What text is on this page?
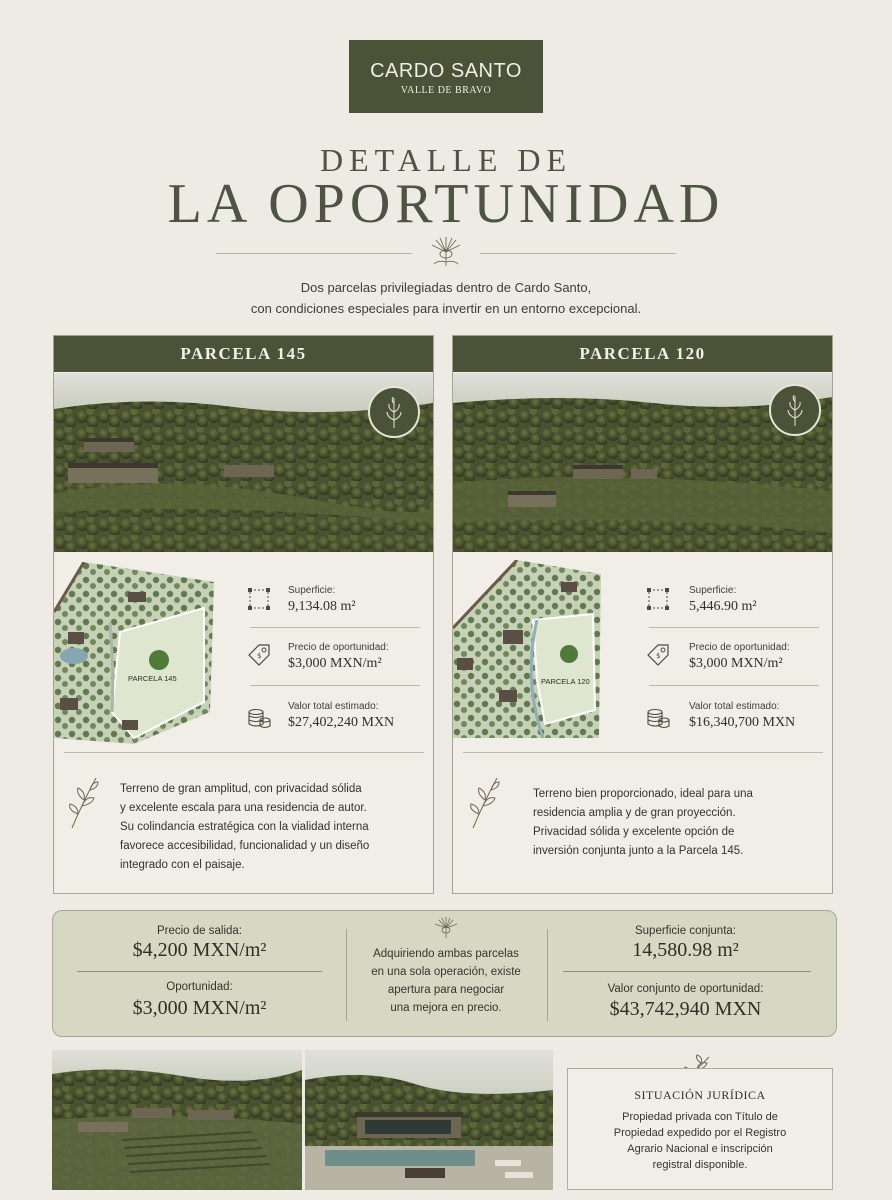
CARDO SANTO
VALLE DE BRAVO
DETALLE DE
LA OPORTUNIDAD
Dos parcelas privilegiadas dentro de Cardo Santo,
con condiciones especiales para invertir en un entorno excepcional.
PARCELA 145
PARCELA 145
Superficie:
9,134.08 m²
$
Precio de oportunidad:
$3,000 MXN/m²
Valor total estimado:
$27,402,240 MXN
Terreno de gran amplitud, con privacidad sólida
y excelente escala para una residencia de autor.
Su colindancia estratégica con la vialidad interna
favorece accesibilidad, funcionalidad y un diseño
integrado con el paisaje.
PARCELA 120
PARCELA 120
Superficie:
5,446.90 m²
$
Precio de oportunidad:
$3,000 MXN/m²
Valor total estimado:
$16,340,700 MXN
Terreno bien proporcionado, ideal para una
residencia amplia y de gran proyección.
Privacidad sólida y excelente opción de
inversión conjunta junto a la Parcela 145.
Precio de salida:
$4,200 MXN/m²
Oportunidad:
$3,000 MXN/m²
Adquiriendo ambas parcelas
en una sola operación, existe
apertura para negociar
una mejora en precio.
Superficie conjunta:
14,580.98 m²
Valor conjunto de oportunidad:
$43,742,940 MXN
SITUACIÓN JURÍDICA
Propiedad privada con Título de
Propiedad expedido por el Registro
Agrario Nacional e inscripción
registral disponible.
